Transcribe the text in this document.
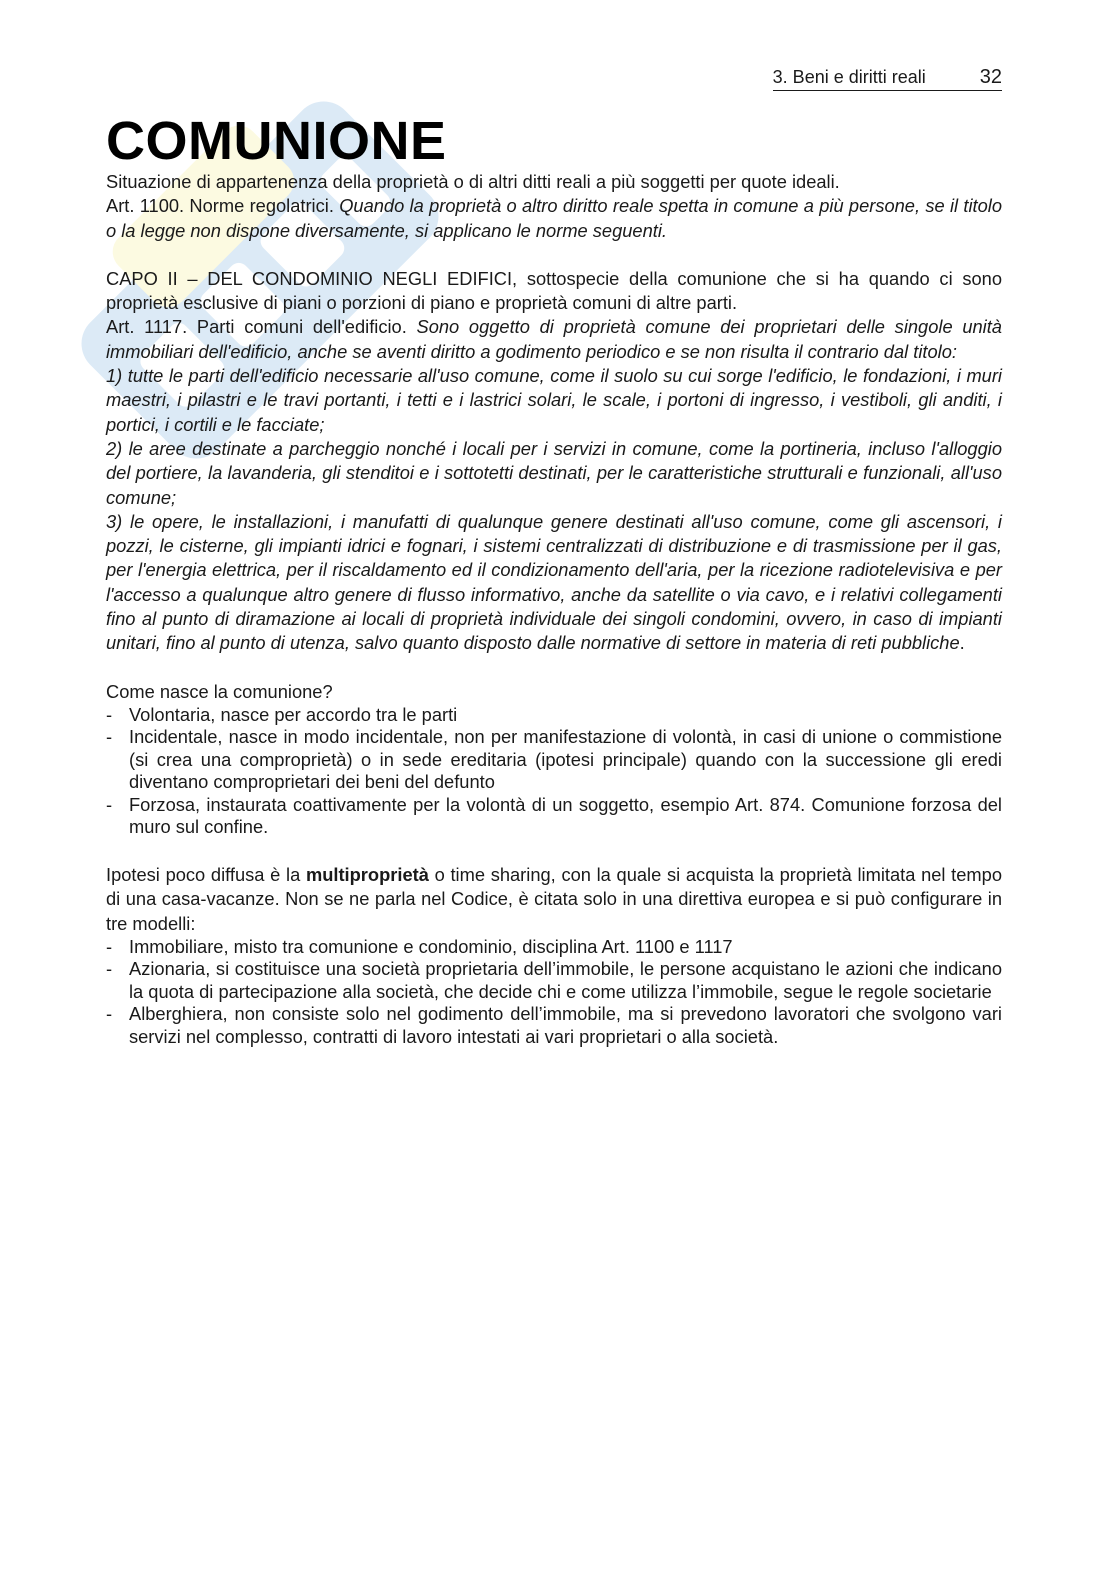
3. Beni e diritti reali	32
COMUNIONE

Situazione di appartenenza della proprietà o di altri ditti reali a più soggetti per quote ideali.

Art. 1100. Norme regolatrici. Quando la proprietà o altro diritto reale spetta in comune a più persone, se il titolo o la legge non dispone diversamente, si applicano le norme seguenti.

CAPO II – DEL CONDOMINIO NEGLI EDIFICI, sottospecie della comunione che si ha quando ci sono proprietà esclusive di piani o porzioni di piano e proprietà comuni di altre parti.

Art. 1117. Parti comuni dell'edificio. Sono oggetto di proprietà comune dei proprietari delle singole unità immobiliari dell'edificio, anche se aventi diritto a godimento periodico e se non risulta il contrario dal titolo:
1) tutte le parti dell'edificio necessarie all'uso comune, come il suolo su cui sorge l'edificio, le fondazioni, i muri maestri, i pilastri e le travi portanti, i tetti e i lastrici solari, le scale, i portoni di ingresso, i vestiboli, gli anditi, i portici, i cortili e le facciate;
2) le aree destinate a parcheggio nonché i locali per i servizi in comune, come la portineria, incluso l'alloggio del portiere, la lavanderia, gli stenditoi e i sottotetti destinati, per le caratteristiche strutturali e funzionali, all'uso comune;
3) le opere, le installazioni, i manufatti di qualunque genere destinati all'uso comune, come gli ascensori, i pozzi, le cisterne, gli impianti idrici e fognari, i sistemi centralizzati di distribuzione e di trasmissione per il gas, per l'energia elettrica, per il riscaldamento ed il condizionamento dell'aria, per la ricezione radiotelevisiva e per l'accesso a qualunque altro genere di flusso informativo, anche da satellite o via cavo, e i relativi collegamenti fino al punto di diramazione ai locali di proprietà individuale dei singoli condomini, ovvero, in caso di impianti unitari, fino al punto di utenza, salvo quanto disposto dalle normative di settore in materia di reti pubbliche.

Come nasce la comunione?

- Volontaria, nasce per accordo tra le parti
- Incidentale, nasce in modo incidentale, non per manifestazione di volontà, in casi di unione o commistione (si crea una comproprietà) o in sede ereditaria (ipotesi principale) quando con la successione gli eredi diventano comproprietari dei beni del defunto
- Forzosa, instaurata coattivamente per la volontà di un soggetto, esempio Art. 874. Comunione forzosa del muro sul confine.

Ipotesi poco diffusa è la multiproprietà o time sharing, con la quale si acquista la proprietà limitata nel tempo di una casa-vacanze. Non se ne parla nel Codice, è citata solo in una direttiva europea e si può configurare in tre modelli:

- Immobiliare, misto tra comunione e condominio, disciplina Art. 1100 e 1117
- Azionaria, si costituisce una società proprietaria dell’immobile, le persone acquistano le azioni che indicano la quota di partecipazione alla società, che decide chi e come utilizza l’immobile, segue le regole societarie
- Alberghiera, non consiste solo nel godimento dell’immobile, ma si prevedono lavoratori che svolgono vari servizi nel complesso, contratti di lavoro intestati ai vari proprietari o alla società.
